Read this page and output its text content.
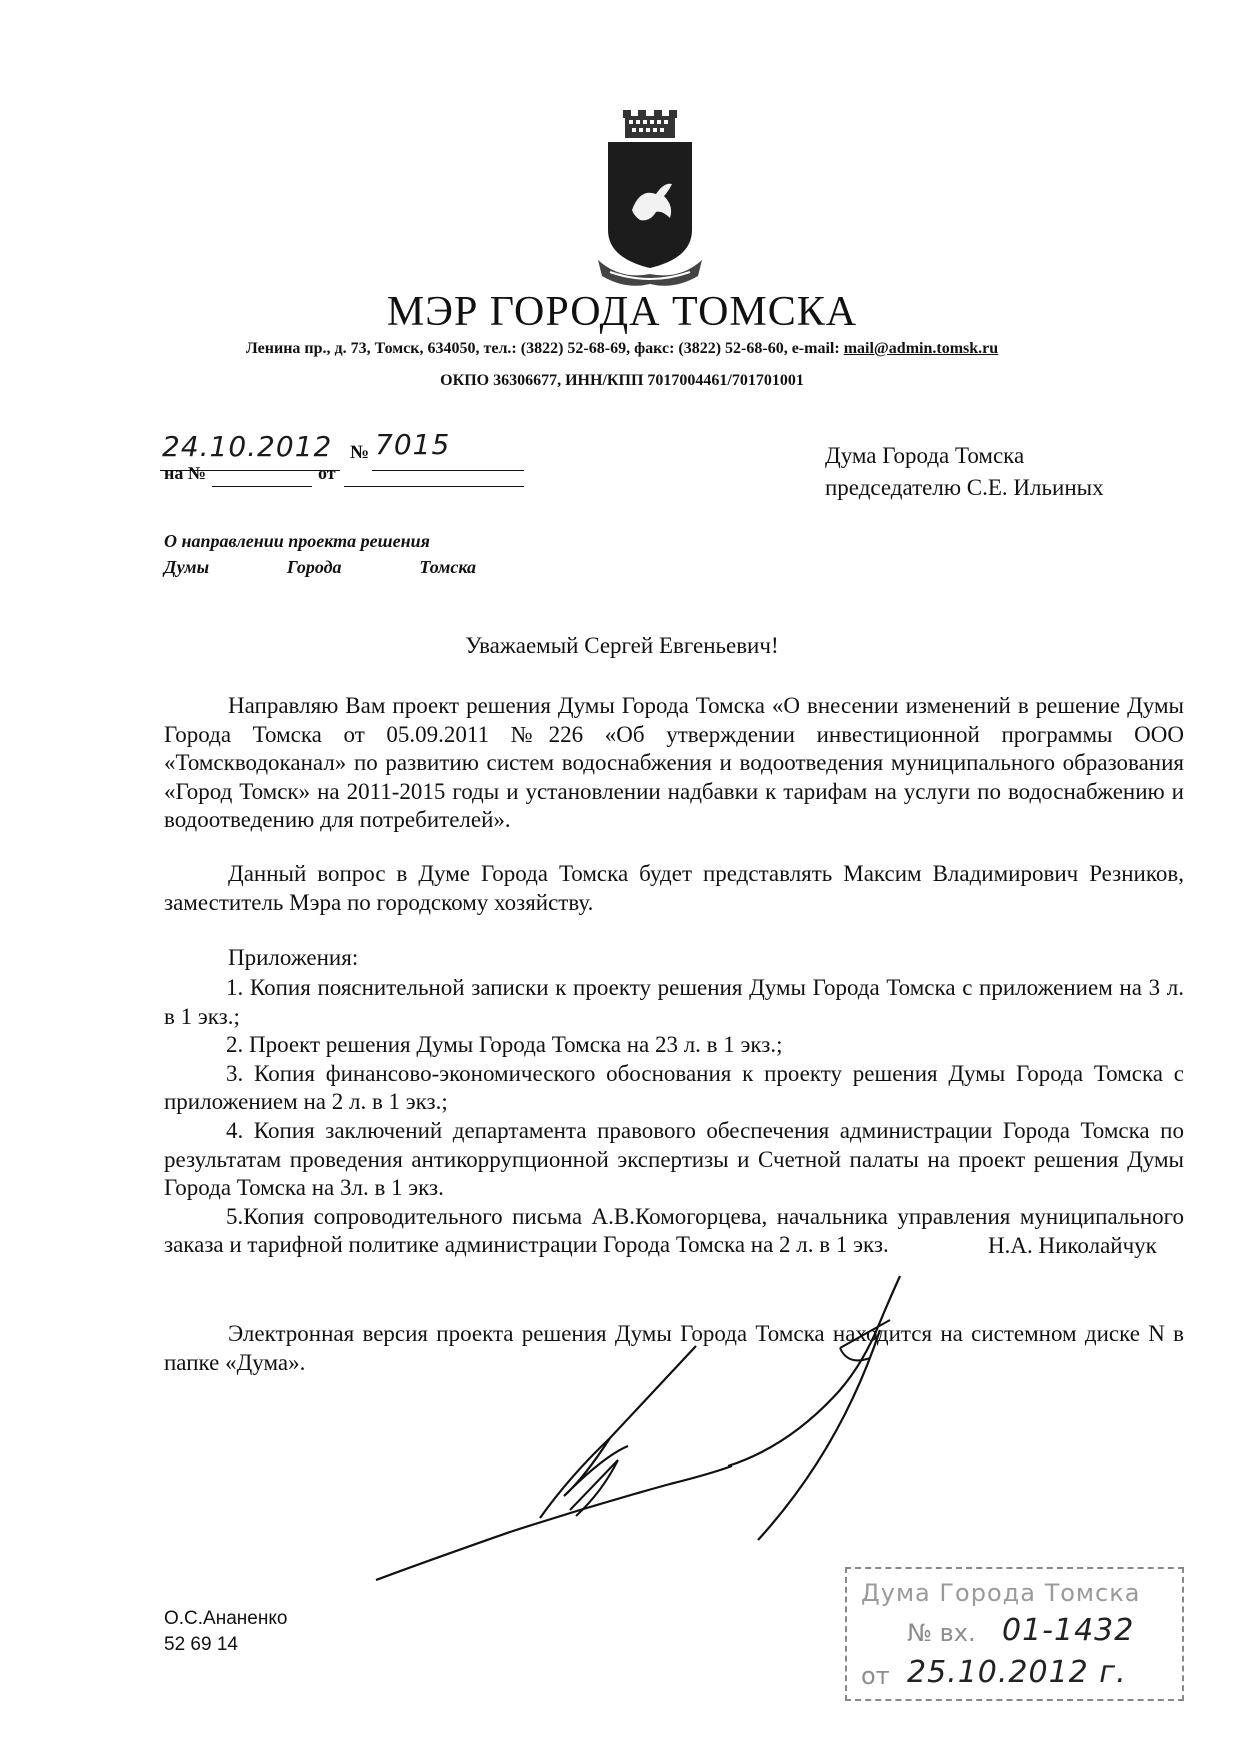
МЭР ГОРОДА ТОМСКА
Ленина пр., д. 73, Томск, 634050, тел.: (3822) 52-68-69, факс: (3822) 52-68-60, e-mail: mail@admin.tomsk.ru
ОКПО 36306677, ИНН/КПП 7017004461/701701001
24.10.2012 № 7015
на №	от
Дума Города Томска
председателю С.Е. Ильиных
О направлении проекта решения
Думы	Города	Томска
Уважаемый Сергей Евгеньевич!
Направляю Вам проект решения Думы Города Томска «О внесении изменений в решение Думы Города Томска от 05.09.2011 №226 «Об утверждении инвестиционной программы ООО «Томскводоканал» по развитию систем водоснабжения и водоотведения муниципального образования «Город Томск» на 2011-2015 годы и установлении надбавки к тарифам на услуги по водоснабжению и водоотведению для потребителей».
Данный вопрос в Думе Города Томска будет представлять Максим Владимирович Резников, заместитель Мэра по городскому хозяйству.
Приложения:

1. Копия пояснительной записки к проекту решения Думы Города Томска с приложением на 3 л. в 1 экз.;

2. Проект решения Думы Города Томска на 23 л. в 1 экз.;

3. Копия финансово-экономического обоснования к проекту решения Думы Города Томска с приложением на 2 л. в 1 экз.;

4. Копия заключений департамента правового обеспечения администрации Города Томска по результатам проведения антикоррупционной экспертизы и Счетной палаты на проект решения Думы Города Томска на 3л. в 1 экз.

5.Копия сопроводительного письма А.В.Комогорцева, начальника управления муниципального заказа и тарифной политике администрации Города Томска на 2 л. в 1 экз.

Электронная версия проекта решения Думы Города Томска находится на системном диске N в папке «Дума».
Н.А. Николайчук
О.С.Ананенко
52 69 14
Дума Города Томска
№ вх. 01-1432
от 25.10.2012 г.
